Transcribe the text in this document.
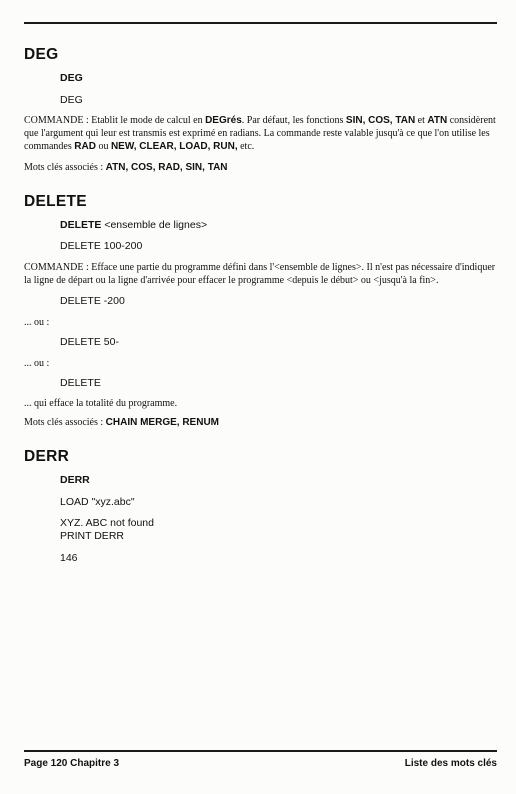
DEG

DEG

DEG

COMMANDE : Etablit le mode de calcul en DEGrés. Par défaut, les fonctions SIN, COS, TAN et ATN considèrent que l'argument qui leur est transmis est exprimé en radians. La commande reste valable jusqu'à ce que l'on utilise les commandes RAD ou NEW, CLEAR, LOAD, RUN, etc.

Mots clés associés : ATN, COS, RAD, SIN, TAN

DELETE

DELETE <ensemble de lignes>

DELETE 100-200

COMMANDE : Efface une partie du programme défini dans l'<ensemble de lignes>. Il n'est pas nécessaire d'indiquer la ligne de départ ou la ligne d'arrivée pour effacer le programme <depuis le début> ou <jusqu'à la fin>.

DELETE -200

... ou :

DELETE 50-

... ou :

DELETE

... qui efface la totalité du programme.

Mots clés associés : CHAIN MERGE, RENUM

DERR

DERR

LOAD "xyz.abc"

XYZ. ABC not found
PRINT DERR

146

Page 120 Chapitre 3	Liste des mots clés
